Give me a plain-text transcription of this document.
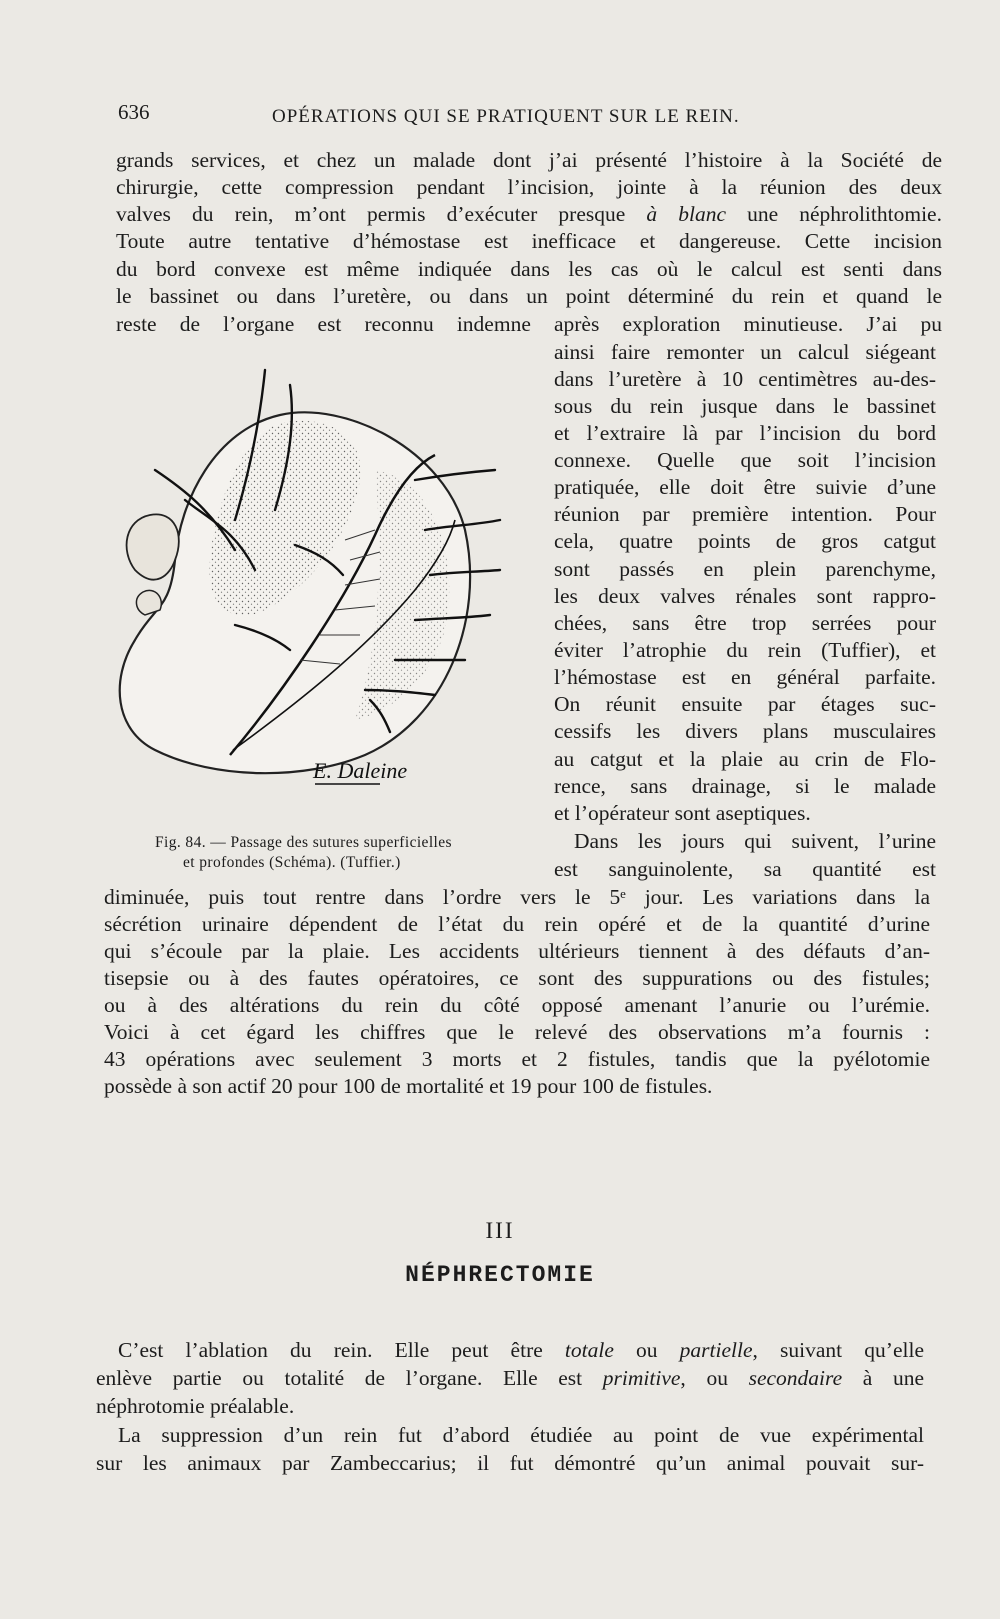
636	OPÉRATIONS QUI SE PRATIQUENT SUR LE REIN.
grands services, et chez un malade dont j’ai présenté l’histoire à la Société de
chirurgie, cette compression pendant l’incision, jointe à la réunion des deux
valves du rein, m’ont permis d’exécuter presque à blanc une néphrolithtomie.
Toute autre tentative d’hémostase est inefficace et dangereuse. Cette incision
du bord convexe est même indiquée dans les cas où le calcul est senti dans
le bassinet ou dans l’uretère, ou dans un point déterminé du rein et quand le
reste de l’organe est reconnu indemne après exploration minutieuse. J’ai pu
ainsi faire remonter un calcul siégeant
dans l’uretère à 10 centimètres au-des-
sous du rein jusque dans le bassinet
et l’extraire là par l’incision du bord
connexe. Quelle que soit l’incision
pratiquée, elle doit être suivie d’une
réunion par première intention. Pour
cela, quatre points de gros catgut
sont passés en plein parenchyme,
les deux valves rénales sont rappro-
chées, sans être trop serrées pour
éviter l’atrophie du rein (Tuffier), et
l’hémostase est en général parfaite.
On réunit ensuite par étages suc-
cessifs les divers plans musculaires
au catgut et la plaie au crin de Flo-
rence, sans drainage, si le malade
et l’opérateur sont aseptiques.
Dans les jours qui suivent, l’urine
est sanguinolente, sa quantité est
E. Daleine
Fig. 84. — Passage des sutures superficielles
et profondes (Schéma). (Tuffier.)
diminuée, puis tout rentre dans l’ordre vers le 5ᵉ jour. Les variations dans la
sécrétion urinaire dépendent de l’état du rein opéré et de la quantité d’urine
qui s’écoule par la plaie. Les accidents ultérieurs tiennent à des défauts d’an-
tisepsie ou à des fautes opératoires, ce sont des suppurations ou des fistules;
ou à des altérations du rein du côté opposé amenant l’anurie ou l’urémie.
Voici à cet égard les chiffres que le relevé des observations m’a fournis :
43 opérations avec seulement 3 morts et 2 fistules, tandis que la pyélotomie
possède à son actif 20 pour 100 de mortalité et 19 pour 100 de fistules.
III
NÉPHRECTOMIE
C’est l’ablation du rein. Elle peut être totale ou partielle, suivant qu’elle
enlève partie ou totalité de l’organe. Elle est primitive, ou secondaire à une
néphrotomie préalable.
La suppression d’un rein fut d’abord étudiée au point de vue expérimental
sur les animaux par Zambeccarius; il fut démontré qu’un animal pouvait sur-
